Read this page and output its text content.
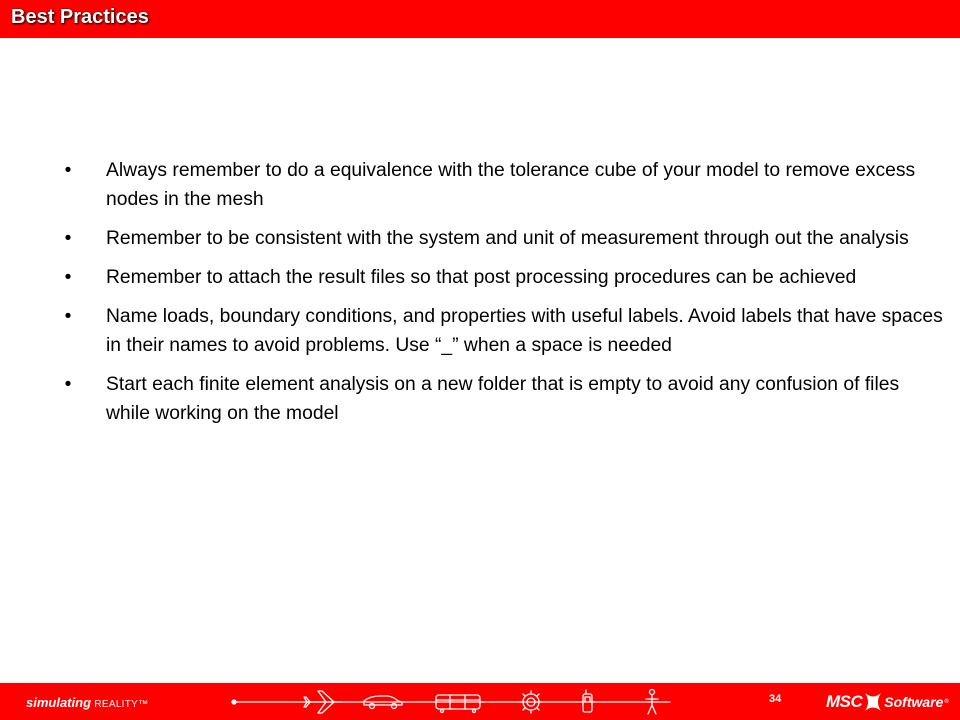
Best Practices
• Always remember to do a equivalence with the tolerance cube of your model to remove excess nodes in the mesh
• Remember to be consistent with the system and unit of measurement through out the analysis
• Remember to attach the result files so that post processing procedures can be achieved
• Name loads, boundary conditions, and properties with useful labels. Avoid labels that have spaces in their names to avoid problems. Use “_” when a space is needed
• Start each finite element analysis on a new folder that is empty to avoid any confusion of files while working on the model
simulating REALITY™	34	MSC Software ®
